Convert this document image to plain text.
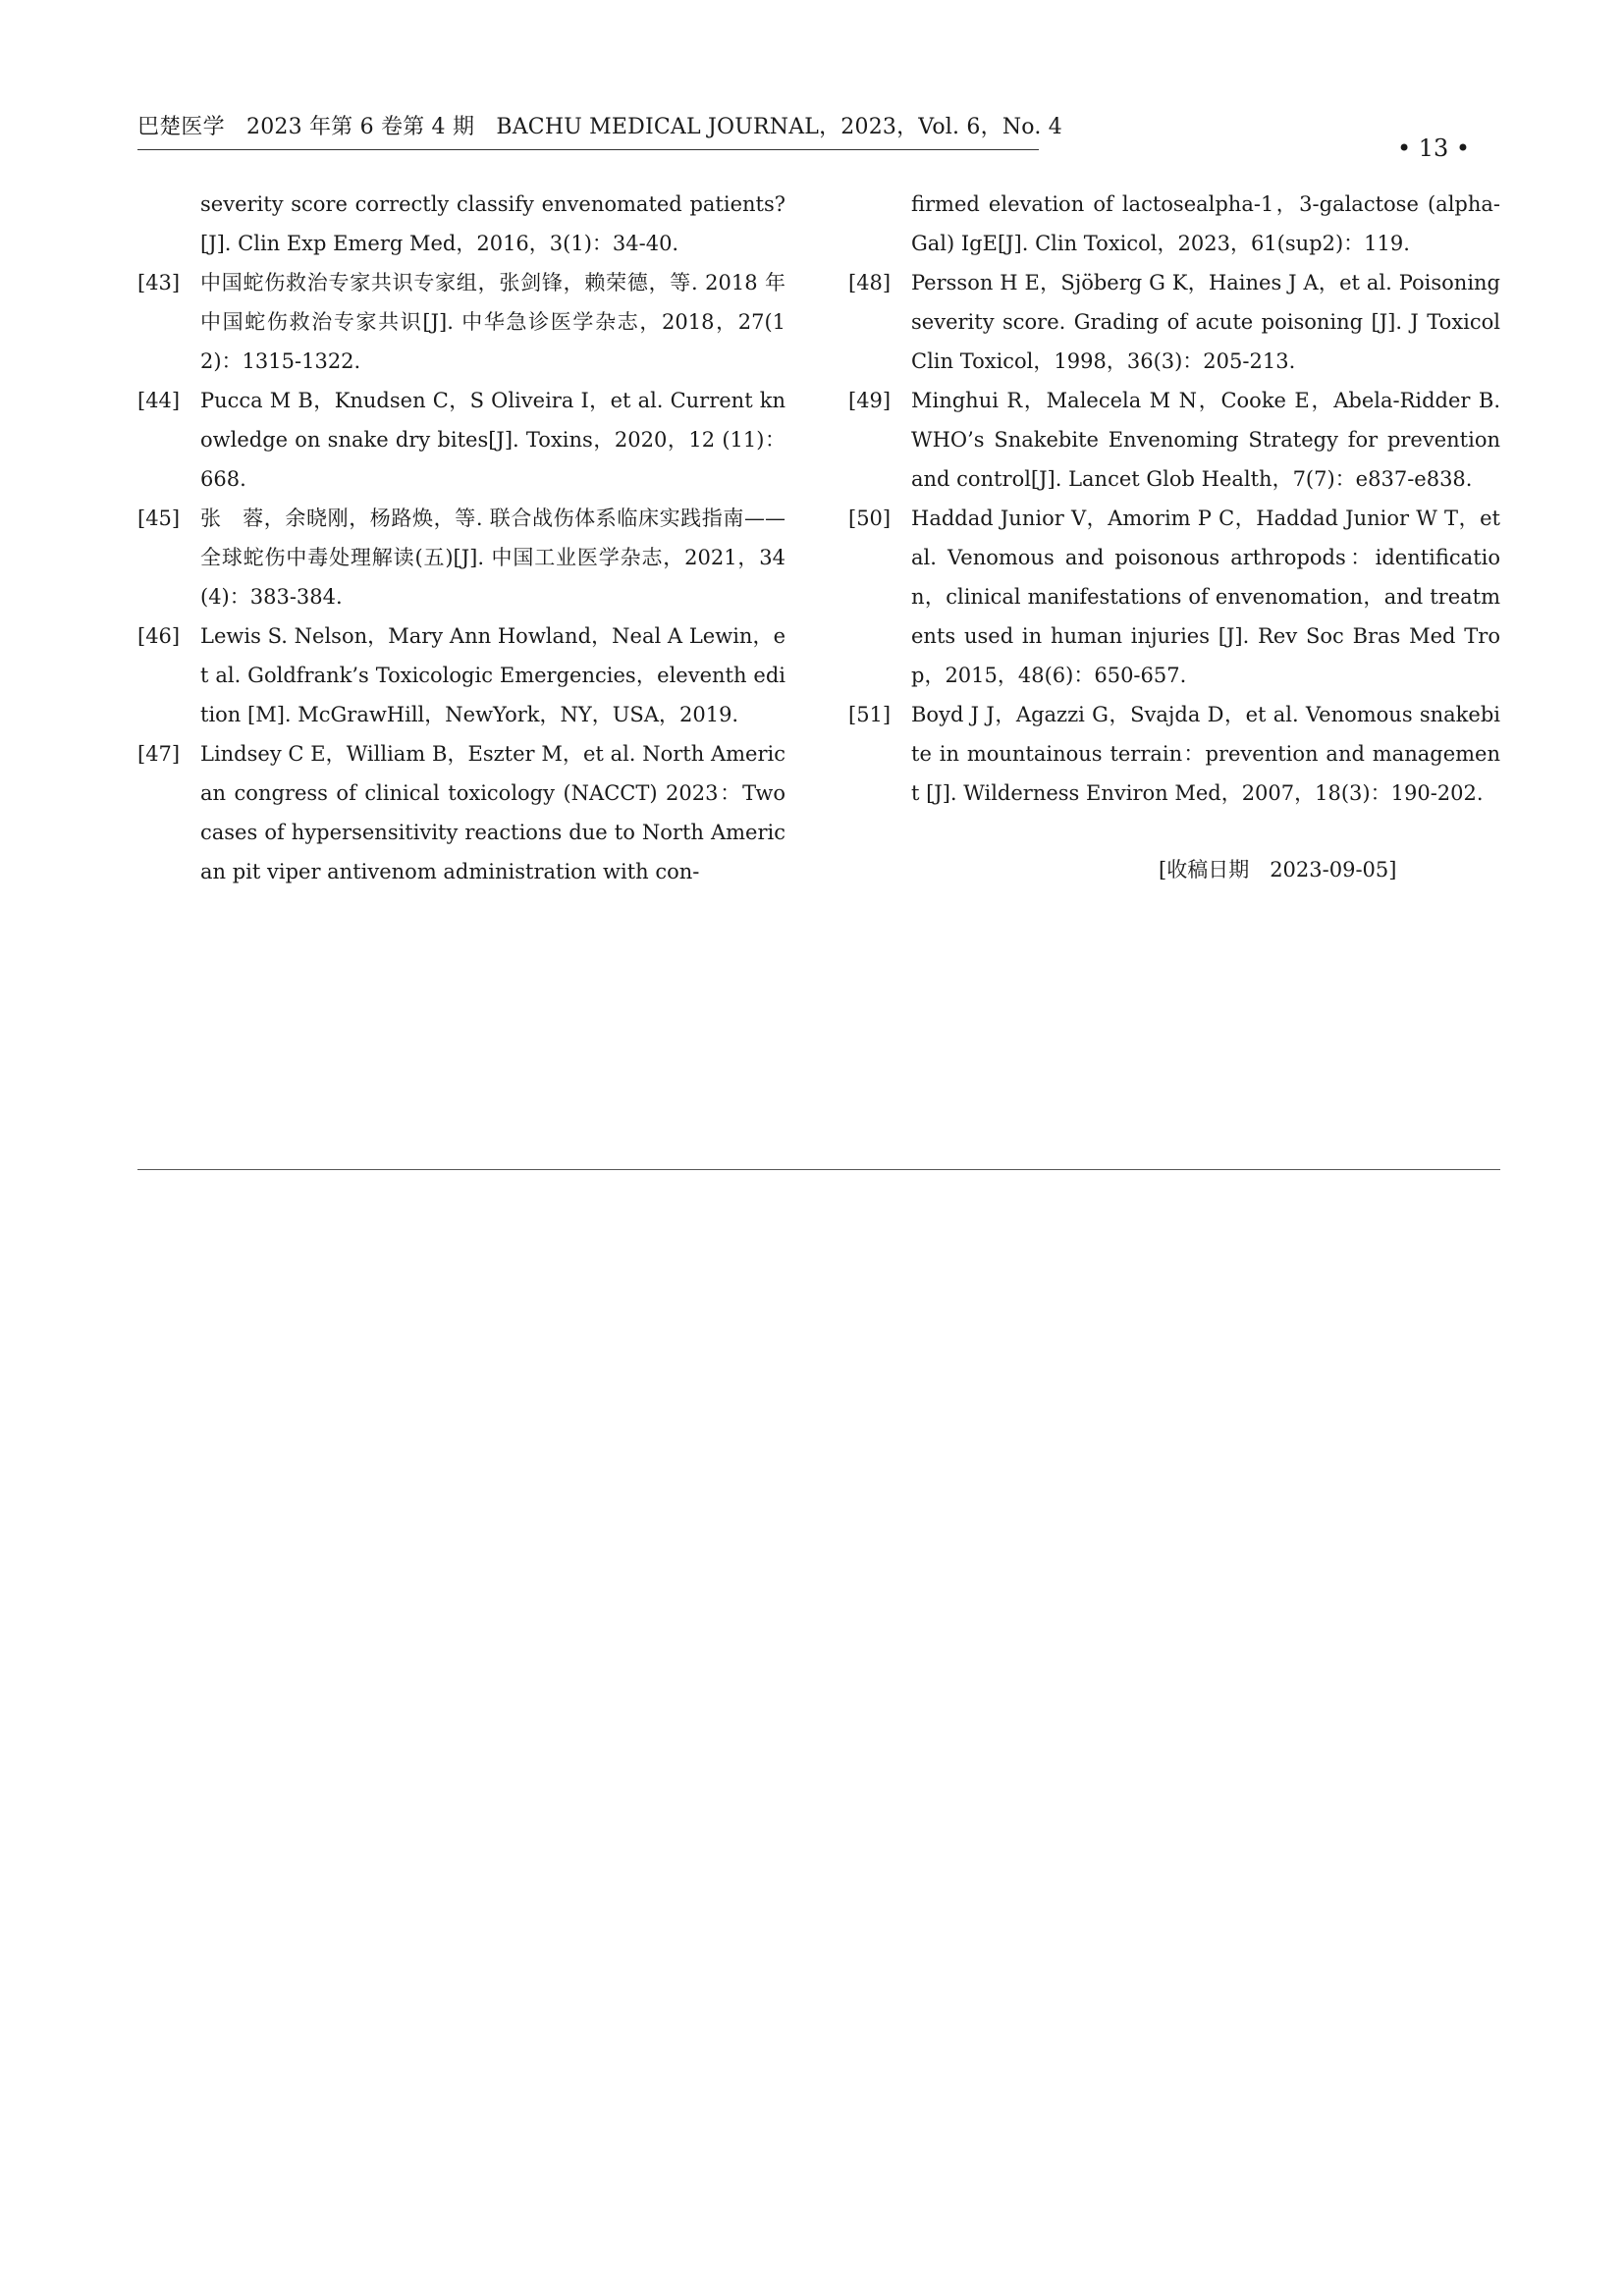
巴楚医学　2023 年第 6 卷第 4 期　BACHU MEDICAL JOURNAL，2023，Vol. 6，No. 4
• 13 •
severity score correctly classify envenomated patients? [J]. Clin Exp Emerg Med，2016，3(1)：34-40.
[43] 中国蛇伤救治专家共识专家组，张剑锋，赖荣德，等. 2018 年中国蛇伤救治专家共识[J]. 中华急诊医学杂志，2018，27(12)：1315-1322.
[44] Pucca M B，Knudsen C，S Oliveira I，et al. Current knowledge on snake dry bites[J]. Toxins，2020，12 (11)：668.
[45] 张　蓉，余晓刚，杨路焕，等. 联合战伤体系临床实践指南——全球蛇伤中毒处理解读(五)[J]. 中国工业医学杂志，2021，34(4)：383-384.
[46] Lewis S. Nelson，Mary Ann Howland，Neal A Lewin，et al. Goldfrank’s Toxicologic Emergencies，eleventh edition [M]. McGrawHill，NewYork，NY，USA，2019.
[47] Lindsey C E，William B，Eszter M，et al. North American congress of clinical toxicology (NACCT) 2023：Two cases of hypersensitivity reactions due to North American pit viper antivenom administration with con-
firmed elevation of lactosealpha-1，3-galactose (alpha-Gal) IgE[J]. Clin Toxicol，2023，61(sup2)：119.
[48] Persson H E，Sjöberg G K，Haines J A，et al. Poisoning severity score. Grading of acute poisoning [J]. J Toxicol Clin Toxicol，1998，36(3)：205-213.
[49] Minghui R，Malecela M N，Cooke E，Abela-Ridder B. WHO’s Snakebite Envenoming Strategy for prevention and control[J]. Lancet Glob Health，7(7)：e837-e838.
[50] Haddad Junior V，Amorim P C，Haddad Junior W T，et al. Venomous and poisonous arthropods：identification，clinical manifestations of envenomation，and treatments used in human injuries [J]. Rev Soc Bras Med Trop，2015，48(6)：650-657.
[51] Boyd J J，Agazzi G，Svajda D，et al. Venomous snakebite in mountainous terrain：prevention and management [J]. Wilderness Environ Med，2007，18(3)：190-202.
[收稿日期　2023-09-05]
